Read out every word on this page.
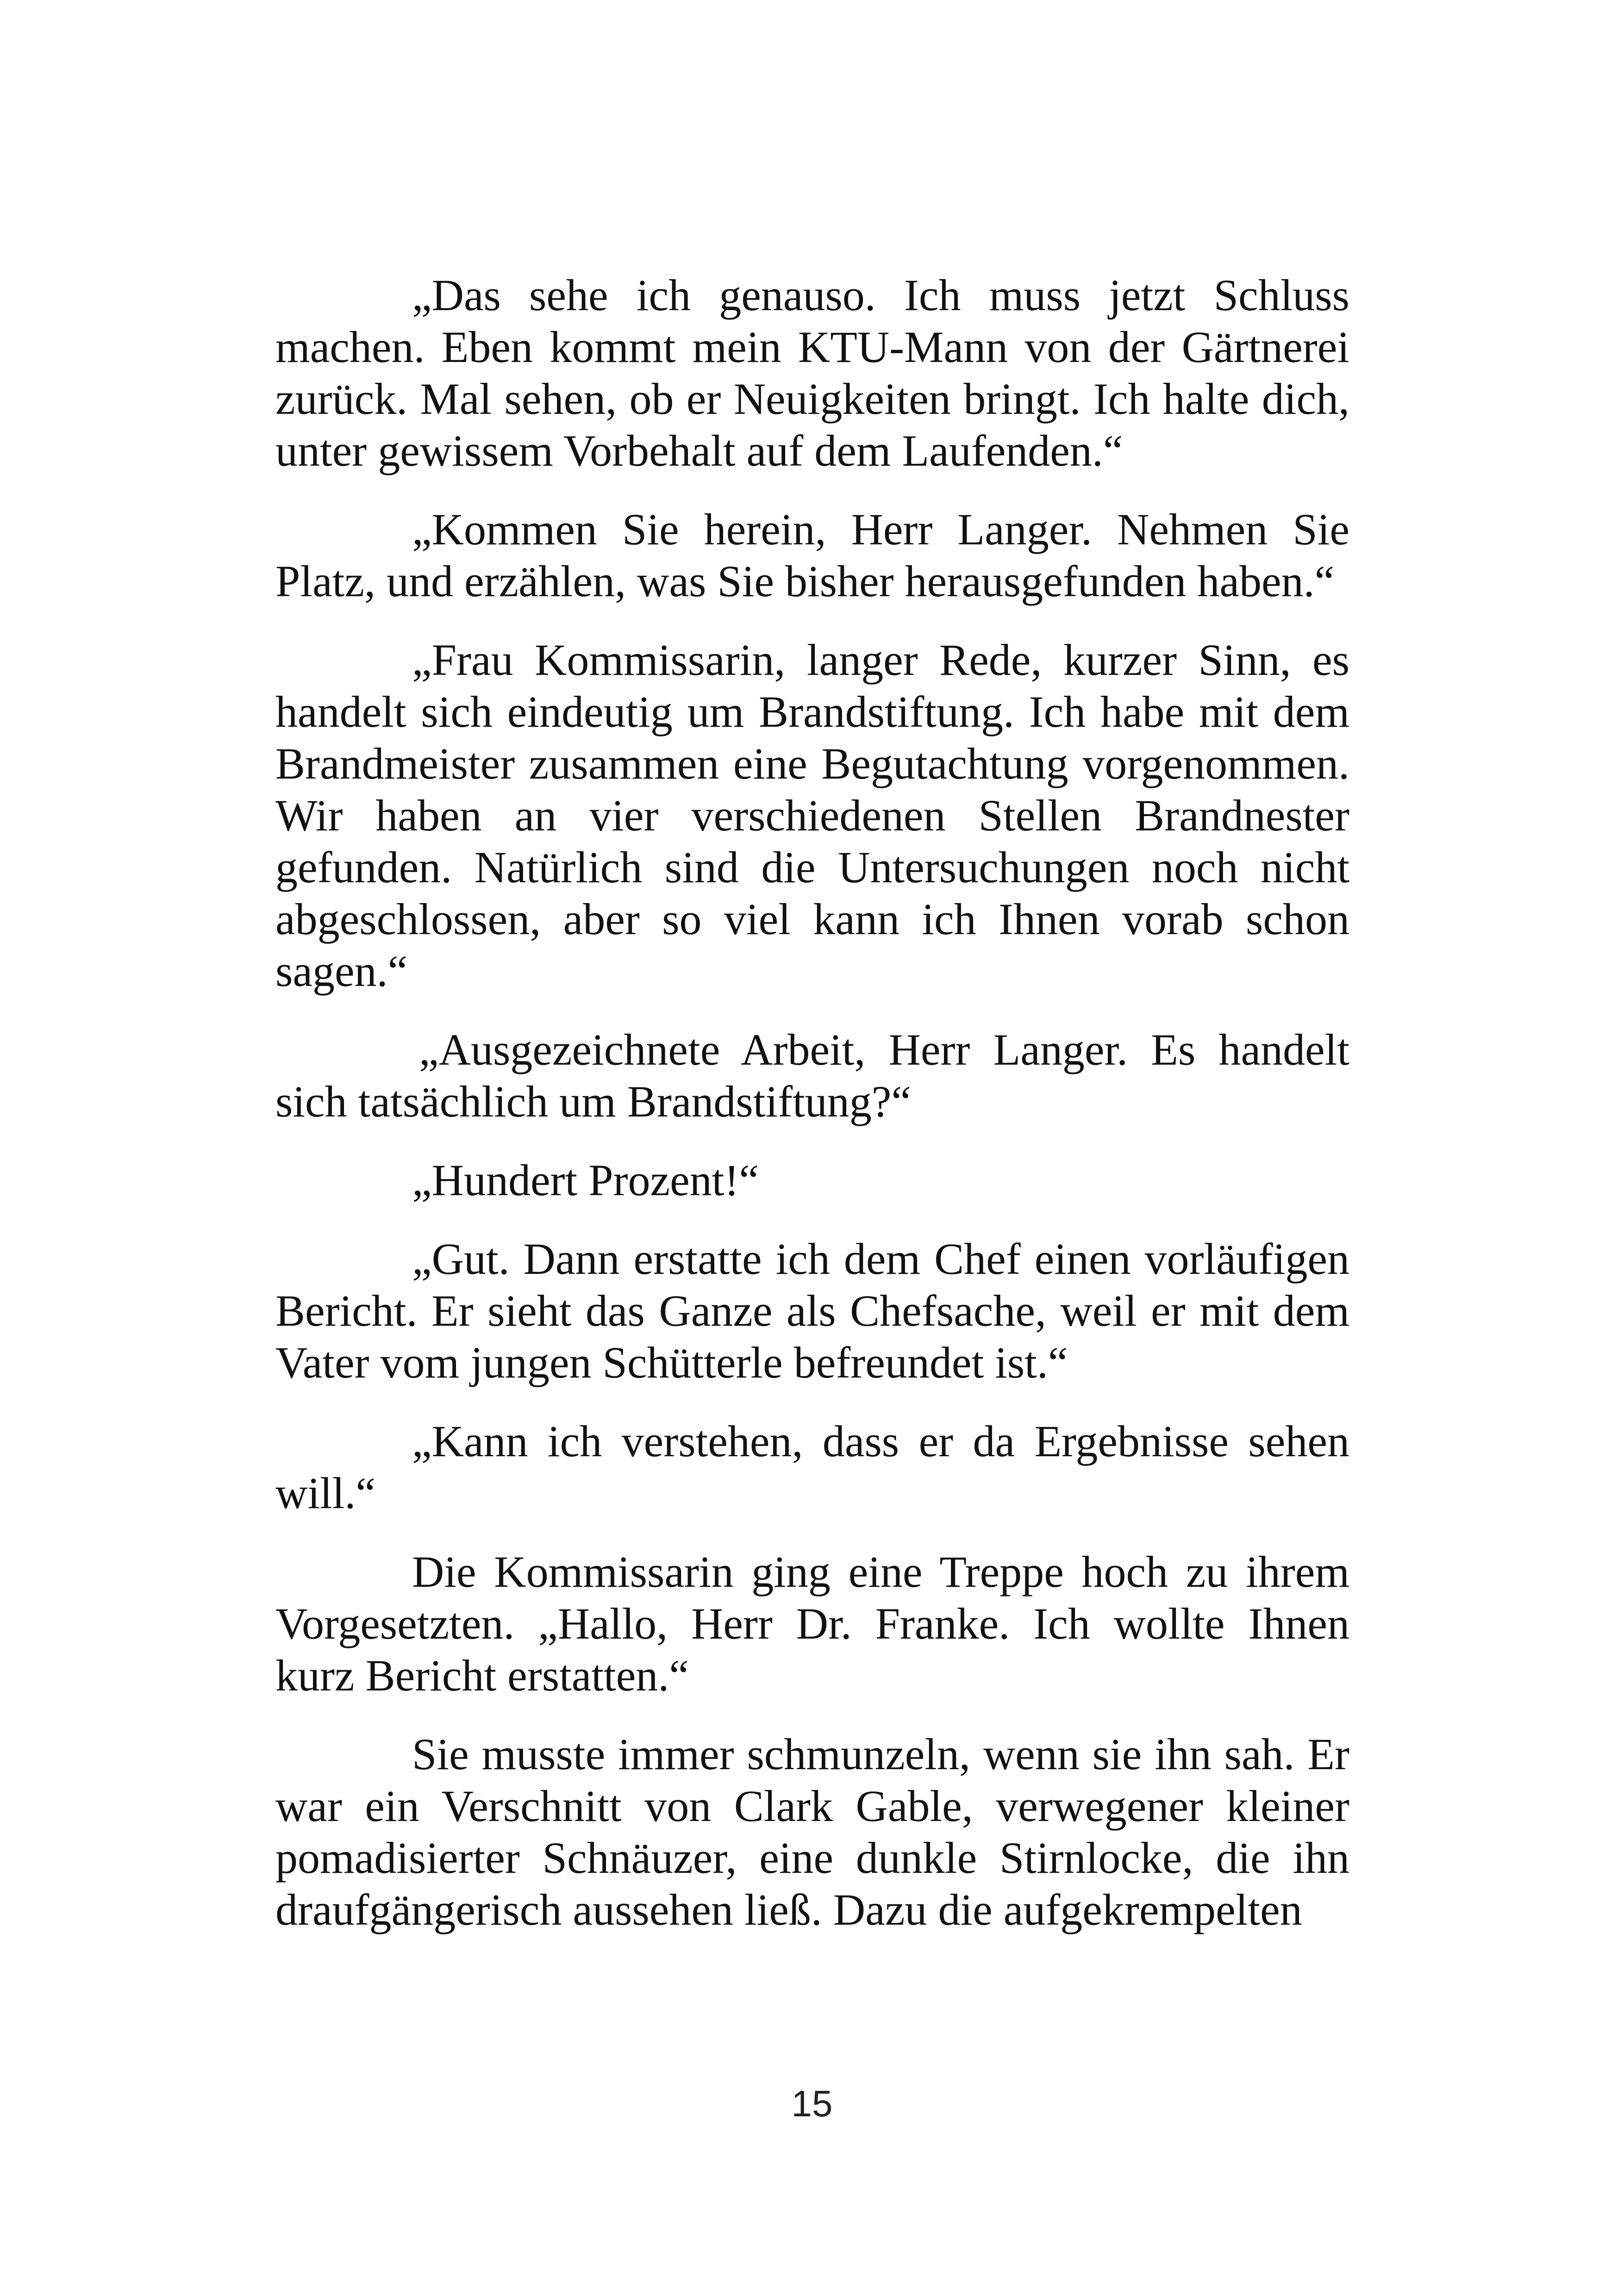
„Das sehe ich genauso. Ich muss jetzt Schluss machen. Eben kommt mein KTU-Mann von der Gärtnerei zurück. Mal sehen, ob er Neuigkeiten bringt. Ich halte dich, unter gewissem Vorbehalt auf dem Laufenden.“

„Kommen Sie herein, Herr Langer. Nehmen Sie Platz, und erzählen, was Sie bisher herausgefunden haben.“

„Frau Kommissarin, langer Rede, kurzer Sinn, es handelt sich eindeutig um Brandstiftung. Ich habe mit dem Brandmeister zusammen eine Begutachtung vorgenommen. Wir haben an vier verschiedenen Stellen Brandnester gefunden. Natürlich sind die Untersuchungen noch nicht abgeschlossen, aber so viel kann ich Ihnen vorab schon sagen.“

„Ausgezeichnete Arbeit, Herr Langer. Es handelt sich tatsächlich um Brandstiftung?“

„Hundert Prozent!“

„Gut. Dann erstatte ich dem Chef einen vorläufigen Bericht. Er sieht das Ganze als Chefsache, weil er mit dem Vater vom jungen Schütterle befreundet ist.“

„Kann ich verstehen, dass er da Ergebnisse sehen will.“

Die Kommissarin ging eine Treppe hoch zu ihrem Vorgesetzten. „Hallo, Herr Dr. Franke. Ich wollte Ihnen kurz Bericht erstatten.“

Sie musste immer schmunzeln, wenn sie ihn sah. Er war ein Verschnitt von Clark Gable, verwegener kleiner pomadisierter Schnäuzer, eine dunkle Stirnlocke, die ihn draufgängerisch aussehen ließ. Dazu die aufgekrempelten

15
